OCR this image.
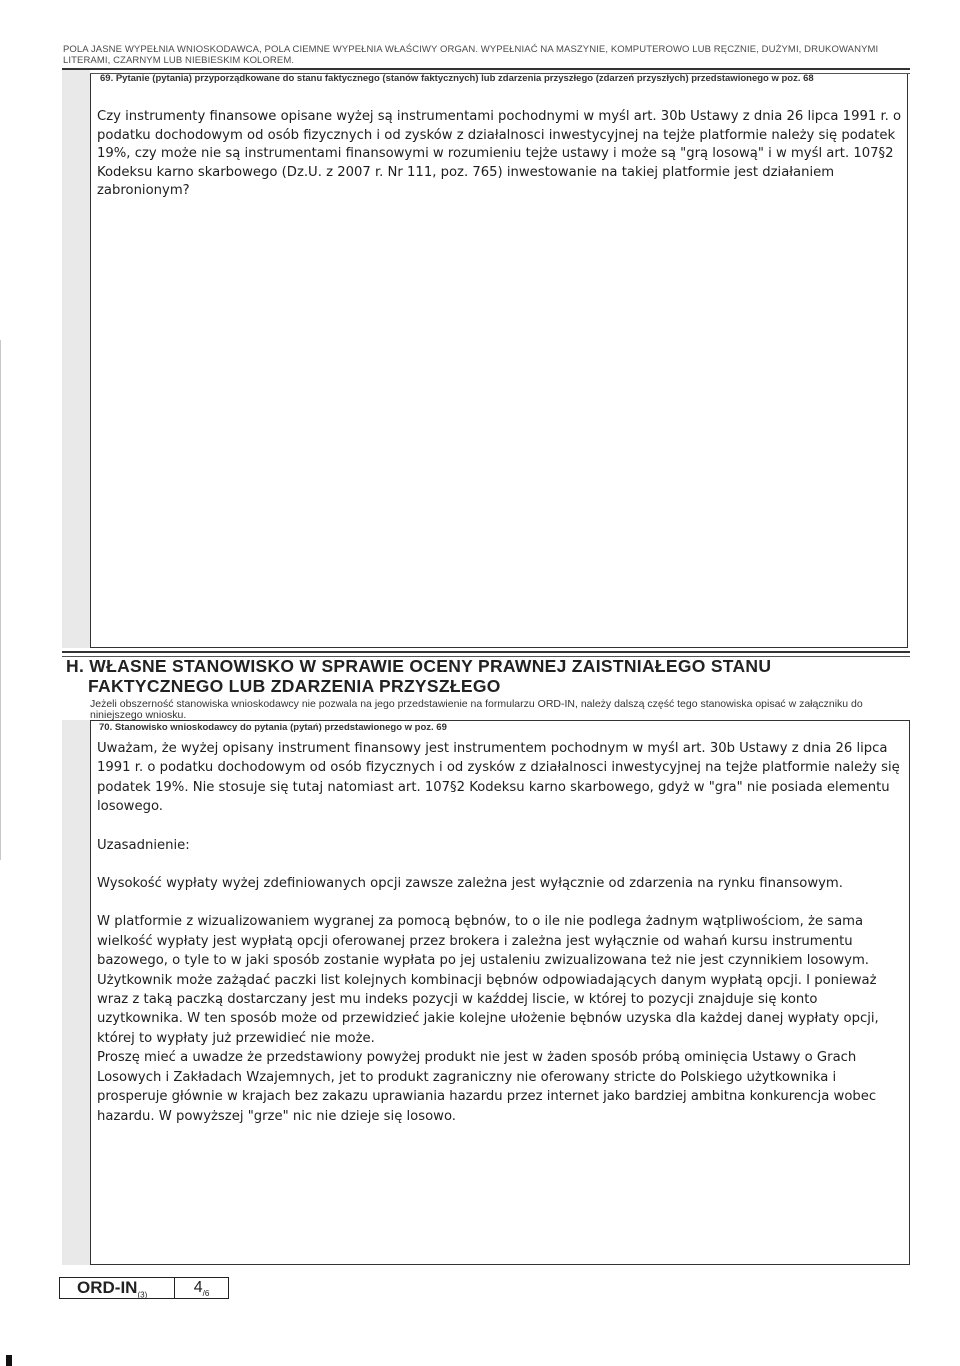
POLA JASNE WYPEŁNIA WNIOSKODAWCA, POLA CIEMNE WYPEŁNIA WŁAŚCIWY ORGAN. WYPEŁNIAĆ NA MASZYNIE, KOMPUTEROWO LUB RĘCZNIE, DUŻYMI, DRUKOWANYMI LITERAMI, CZARNYM LUB NIEBIESKIM KOLOREM.
69. Pytanie (pytania) przyporządkowane do stanu faktycznego (stanów faktycznych) lub zdarzenia przyszłego (zdarzeń przyszłych) przedstawionego w poz. 68
Czy instrumenty finansowe opisane wyżej są instrumentami pochodnymi w myśl art. 30b Ustawy z dnia 26 lipca 1991 r. o podatku dochodowym od osób fizycznych i od zysków z działalnosci inwestycyjnej na tejże platformie należy się podatek 19%, czy może nie są instrumentami finansowymi w rozumieniu tejże ustawy i może są "grą losową" i w myśl art. 107§2 Kodeksu karno skarbowego (Dz.U. z 2007 r. Nr 111, poz. 765) inwestowanie na takiej platformie jest działaniem zabronionym?
H. WŁASNE STANOWISKO W SPRAWIE OCENY PRAWNEJ ZAISTNIAŁEGO STANU
FAKTYCZNEGO LUB ZDARZENIA PRZYSZŁEGO
Jeżeli obszerność stanowiska wnioskodawcy nie pozwala na jego przedstawienie na formularzu ORD-IN, należy dalszą część tego stanowiska opisać w załączniku do niniejszego wniosku.
70. Stanowisko wnioskodawcy do pytania (pytań) przedstawionego w poz. 69

Uważam, że wyżej opisany instrument finansowy jest instrumentem pochodnym w myśl art. 30b Ustawy z dnia 26 lipca 1991 r. o podatku dochodowym od osób fizycznych i od zysków z działalnosci inwestycyjnej na tejże platformie należy się podatek 19%. Nie stosuje się tutaj natomiast art. 107§2 Kodeksu karno skarbowego, gdyż w "gra" nie posiada elementu losowego.

Uzasadnienie:

Wysokość wypłaty wyżej zdefiniowanych opcji zawsze zależna jest wyłącznie od zdarzenia na rynku finansowym.

W platformie z wizualizowaniem wygranej za pomocą bębnów, to o ile nie podlega żadnym wątpliwościom, że sama wielkość wypłaty jest wypłatą opcji oferowanej przez brokera i zależna jest wyłącznie od wahań kursu instrumentu bazowego, o tyle to w jaki sposób zostanie wypłata po jej ustaleniu zwizualizowana też nie jest czynnikiem losowym. Użytkownik może zażądać paczki list kolejnych kombinacji bębnów odpowiadających danym wypłatą opcji. I ponieważ wraz z taką paczką dostarczany jest mu indeks pozycji w kaźddej liscie, w której to pozycji znajduje się konto uzytkownika. W ten sposób może od przewidzieć jakie kolejne ułożenie bębnów uzyska dla każdej danej wypłaty opcji, której to wypłaty już przewidieć nie może.

Proszę mieć a uwadze że przedstawiony powyżej produkt nie jest w żaden sposób próbą ominięcia Ustawy o Grach Losowych i Zakładach Wzajemnych, jet to produkt zagraniczny nie oferowany stricte do Polskiego użytkownika i prosperuje głównie w krajach bez zakazu uprawiania hazardu przez internet jako bardziej ambitna konkurencja wobec hazardu. W powyższej "grze" nic nie dzieje się losowo.

ORD-$IN_{(3)}$	$4_{/6}$
